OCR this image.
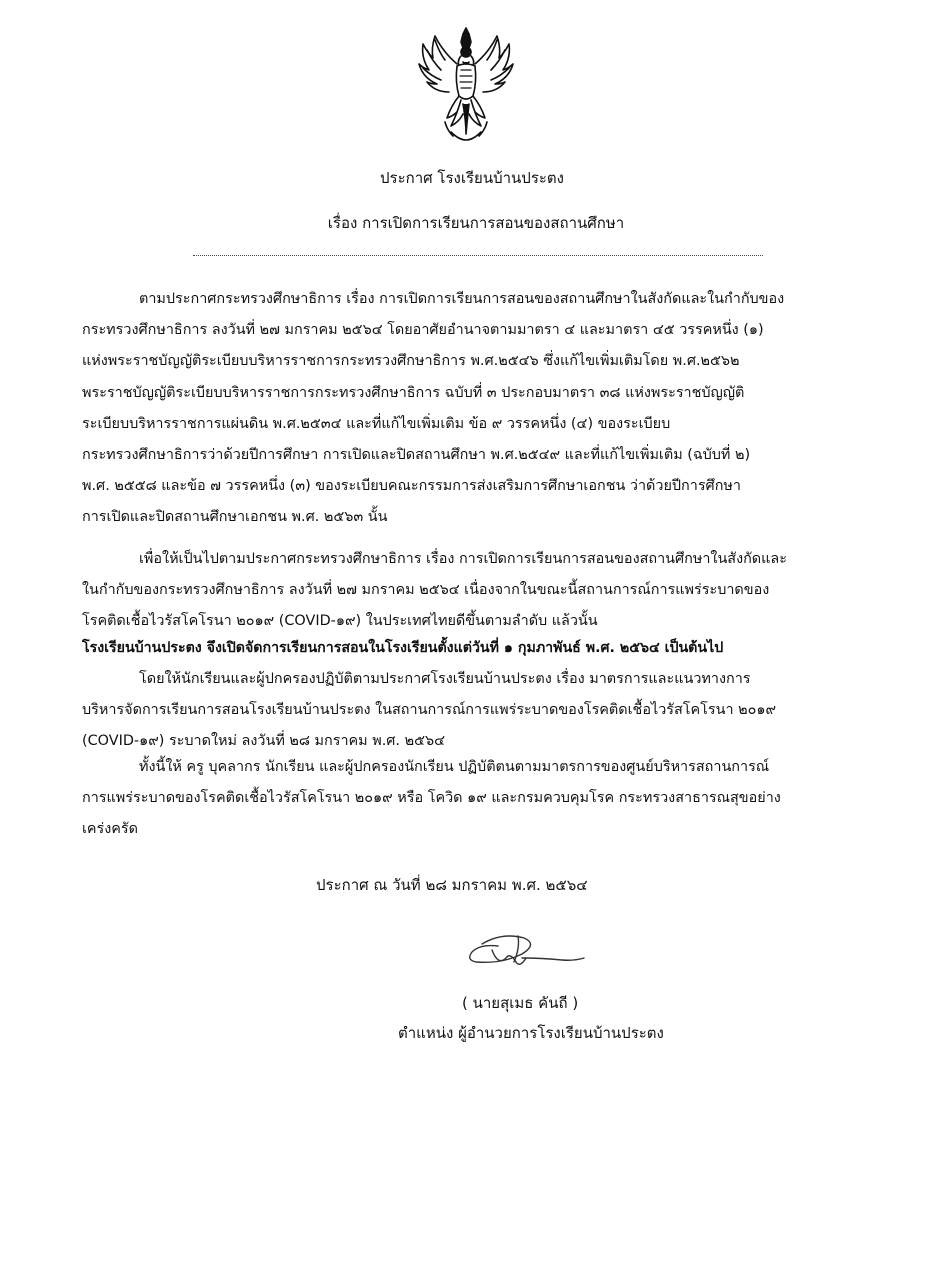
ประกาศ โรงเรียนบ้านประตง
เรื่อง การเปิดการเรียนการสอนของสถานศึกษา
ตามประกาศกระทรวงศึกษาธิการ เรื่อง การเปิดการเรียนการสอนของสถานศึกษาในสังกัดและในกำกับของ
กระทรวงศึกษาธิการ ลงวันที่ ๒๗ มกราคม ๒๕๖๔ โดยอาศัยอำนาจตามมาตรา ๔ และมาตรา ๔๕ วรรคหนึ่ง (๑)
แห่งพระราชบัญญัติระเบียบบริหารราชการกระทรวงศึกษาธิการ พ.ศ.๒๕๔๖ ซึ่งแก้ไขเพิ่มเติมโดย พ.ศ.๒๕๖๒
พระราชบัญญัติระเบียบบริหารราชการกระทรวงศึกษาธิการ ฉบับที่ ๓ ประกอบมาตรา ๓๘ แห่งพระราชบัญญัติ
ระเบียบบริหารราชการแผ่นดิน พ.ศ.๒๕๓๔ และที่แก้ไขเพิ่มเติม ข้อ ๙ วรรคหนึ่ง (๔) ของระเบียบ
กระทรวงศึกษาธิการว่าด้วยปีการศึกษา การเปิดและปิดสถานศึกษา พ.ศ.๒๕๔๙ และที่แก้ไขเพิ่มเติม (ฉบับที่ ๒)
พ.ศ. ๒๕๕๘ และข้อ ๗ วรรคหนึ่ง (๓) ของระเบียบคณะกรรมการส่งเสริมการศึกษาเอกชน ว่าด้วยปีการศึกษา
การเปิดและปิดสถานศึกษาเอกชน พ.ศ. ๒๕๖๓ นั้น
เพื่อให้เป็นไปตามประกาศกระทรวงศึกษาธิการ เรื่อง การเปิดการเรียนการสอนของสถานศึกษาในสังกัดและ
ในกำกับของกระทรวงศึกษาธิการ ลงวันที่ ๒๗ มกราคม ๒๕๖๔ เนื่องจากในขณะนี้สถานการณ์การแพร่ระบาดของ
โรคติดเชื้อไวรัสโคโรนา ๒๐๑๙ (COVID-๑๙) ในประเทศไทยดีขึ้นตามลำดับ แล้วนั้น
โรงเรียนบ้านประตง จึงเปิดจัดการเรียนการสอนในโรงเรียนตั้งแต่วันที่ ๑ กุมภาพันธ์ พ.ศ. ๒๕๖๔ เป็นต้นไป
โดยให้นักเรียนและผู้ปกครองปฏิบัติตามประกาศโรงเรียนบ้านประตง เรื่อง มาตรการและแนวทางการ
บริหารจัดการเรียนการสอนโรงเรียนบ้านประตง ในสถานการณ์การแพร่ระบาดของโรคติดเชื้อไวรัสโคโรนา ๒๐๑๙
(COVID-๑๙) ระบาดใหม่ ลงวันที่ ๒๘ มกราคม พ.ศ. ๒๕๖๔
ทั้งนี้ให้ ครู บุคลากร นักเรียน และผู้ปกครองนักเรียน ปฏิบัติตนตามมาตรการของศูนย์บริหารสถานการณ์
การแพร่ระบาดของโรคติดเชื้อไวรัสโคโรนา ๒๐๑๙ หรือ โควิด ๑๙ และกรมควบคุมโรค กระทรวงสาธารณสุขอย่าง
เคร่งครัด
ประกาศ ณ วันที่ ๒๘ มกราคม พ.ศ. ๒๕๖๔
( นายสุเมธ คันถี )
ตำแหน่ง ผู้อำนวยการโรงเรียนบ้านประตง
